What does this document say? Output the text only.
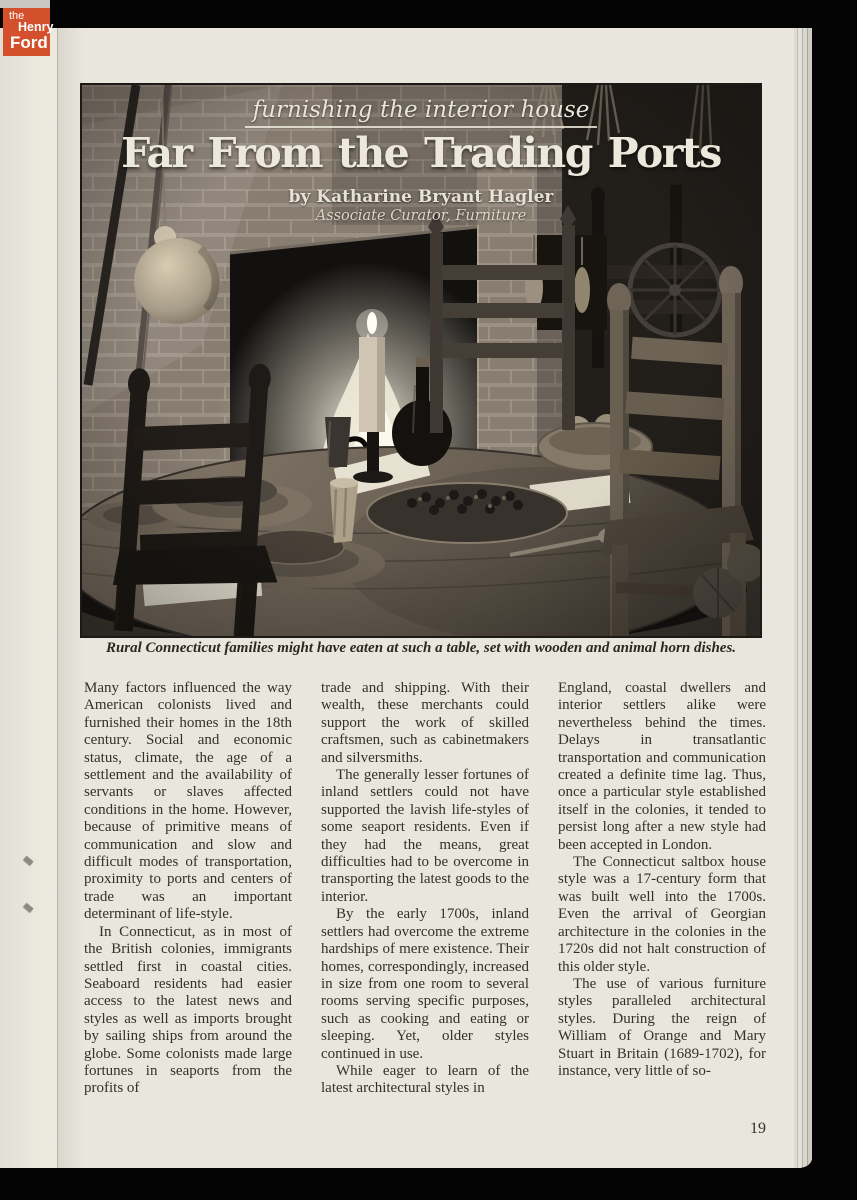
the
Henry
Ford
furnishing the interior house
Far From the Trading Ports
by Katharine Bryant Hagler
Associate Curator, Furniture
Rural Connecticut families might have eaten at such a table, set with wooden and animal horn dishes.

Many factors influenced the way American colonists lived and furnished their homes in the 18th century. Social and economic status, climate, the age of a settlement and the availability of servants or slaves affected conditions in the home. However, because of primitive means of communication and slow and difficult modes of transportation, proximity to ports and centers of trade was an important determinant of life-style.

In Connecticut, as in most of the British colonies, immigrants settled first in coastal cities. Seaboard residents had easier access to the latest news and styles as well as imports brought by sailing ships from around the globe. Some colonists made large fortunes in seaports from the profits of

trade and shipping. With their wealth, these merchants could support the work of skilled craftsmen, such as cabinetmakers and silversmiths.

The generally lesser fortunes of inland settlers could not have supported the lavish life-styles of some seaport residents. Even if they had the means, great difficulties had to be overcome in transporting the latest goods to the interior.

By the early 1700s, inland settlers had overcome the extreme hardships of mere existence. Their homes, correspondingly, increased in size from one room to several rooms serving specific purposes, such as cooking and eating or sleeping. Yet, older styles continued in use.

While eager to learn of the latest architectural styles in

England, coastal dwellers and interior settlers alike were nevertheless behind the times. Delays in transatlantic transportation and communication created a definite time lag. Thus, once a particular style established itself in the colonies, it tended to persist long after a new style had been accepted in London.

The Connecticut saltbox house style was a 17-century form that was built well into the 1700s. Even the arrival of Georgian architecture in the colonies in the 1720s did not halt construction of this older style.

The use of various furniture styles paralleled architectural styles. During the reign of William of Orange and Mary Stuart in Britain (1689-1702), for instance, very little of so-

19
